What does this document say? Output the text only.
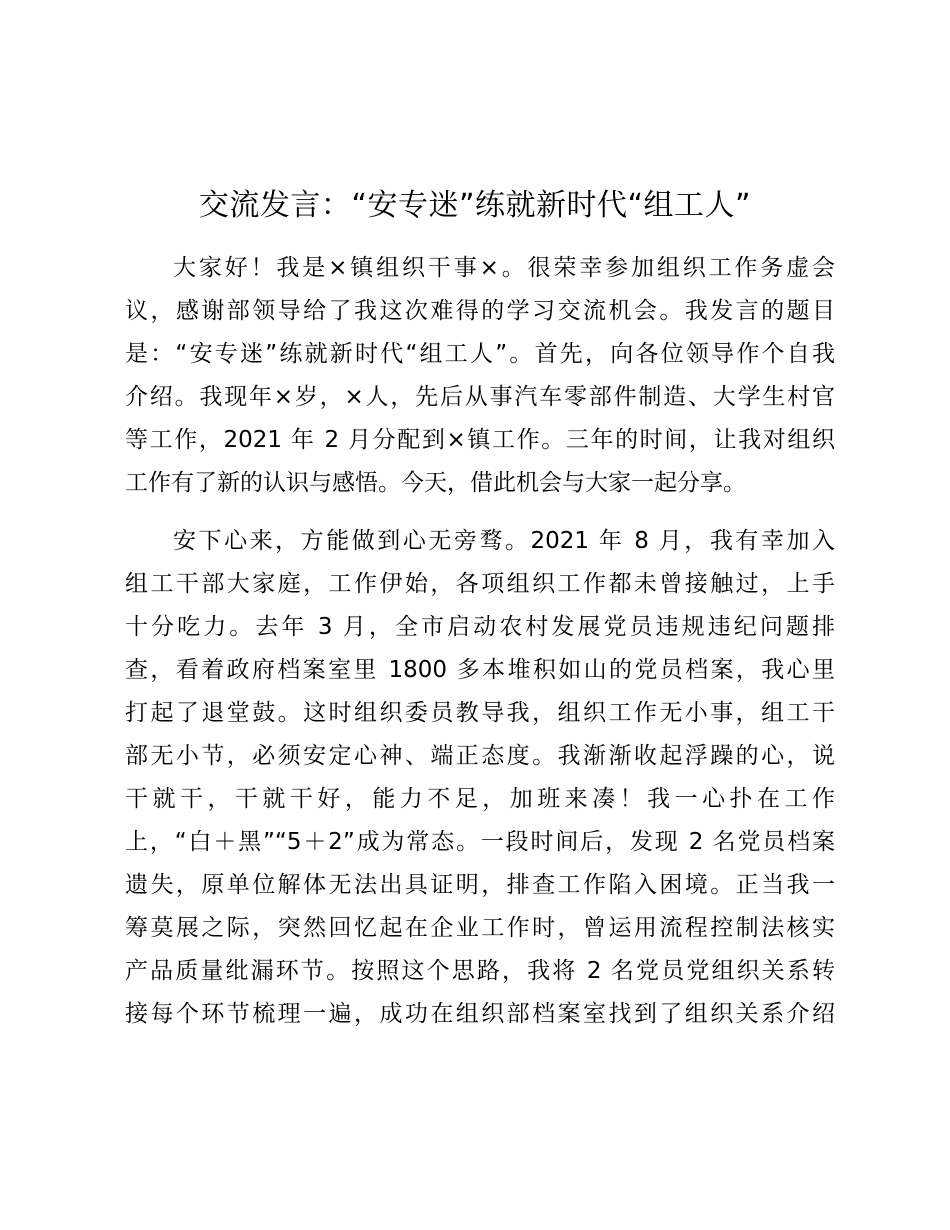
交流发言：“安专迷”练就新时代“组工人”
大家好！我是×镇组织干事×。很荣幸参加组织工作务虚会
议，感谢部领导给了我这次难得的学习交流机会。我发言的题目
是：“安专迷”练就新时代“组工人”。首先，向各位领导作个自我
介绍。我现年×岁，×人，先后从事汽车零部件制造、大学生村官
等工作，2021 年 2 月分配到×镇工作。三年的时间，让我对组织
工作有了新的认识与感悟。今天，借此机会与大家一起分享。
安下心来，方能做到心无旁骛。2021 年 8 月，我有幸加入
组工干部大家庭，工作伊始，各项组织工作都未曾接触过，上手
十分吃力。去年 3 月，全市启动农村发展党员违规违纪问题排
查，看着政府档案室里 1800 多本堆积如山的党员档案，我心里
打起了退堂鼓。这时组织委员教导我，组织工作无小事，组工干
部无小节，必须安定心神、端正态度。我渐渐收起浮躁的心，说
干就干，干就干好，能力不足，加班来凑！我一心扑在工作
上，“白＋黑”“5＋2”成为常态。一段时间后，发现 2 名党员档案
遗失，原单位解体无法出具证明，排查工作陷入困境。正当我一
筹莫展之际，突然回忆起在企业工作时，曾运用流程控制法核实
产品质量纰漏环节。按照这个思路，我将 2 名党员党组织关系转
接每个环节梳理一遍，成功在组织部档案室找到了组织关系介绍
